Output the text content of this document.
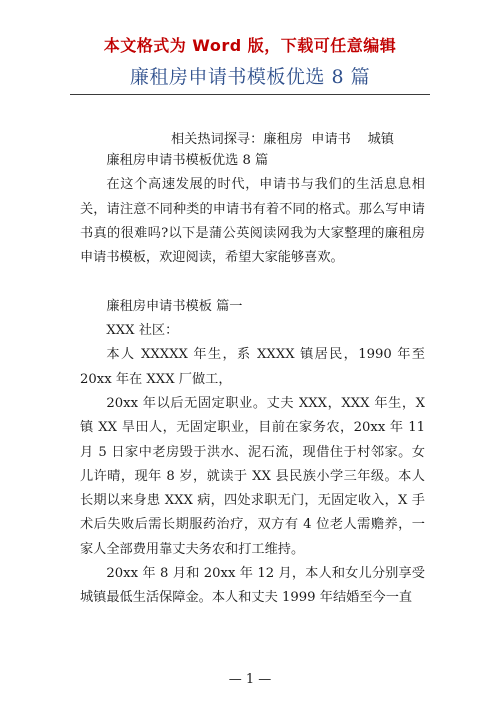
本文格式为 Word 版，下载可任意编辑
廉租房申请书模板优选 8 篇
相关热词探寻：廉租房  申请书    城镇

廉租房申请书模板优选 8 篇

在这个高速发展的时代，申请书与我们的生活息息相关，请注意不同种类的申请书有着不同的格式。那么写申请书真的很难吗?以下是蒲公英阅读网我为大家整理的廉租房申请书模板，欢迎阅读，希望大家能够喜欢。

廉租房申请书模板 篇一

XXX 社区：

本人 XXXXX 年生，系 XXXX 镇居民，1990 年至 20xx 年在 XXX 厂做工，

20xx 年以后无固定职业。丈夫 XXX，XXX 年生，X 镇 XX 旱田人，无固定职业，目前在家务农，20xx 年 11 月 5 日家中老房毁于洪水、泥石流，现借住于村邻家。女儿许晴，现年 8 岁，就读于 XX 县民族小学三年级。本人长期以来身患 XXX 病，四处求职无门，无固定收入，X 手术后失败后需长期服药治疗，双方有 4 位老人需赡养，一家人全部费用靠丈夫务农和打工维持。

20xx 年 8 月和 20xx 年 12 月，本人和女儿分别享受城镇最低生活保障金。本人和丈夫 1999 年结婚至今一直

— 1 —
